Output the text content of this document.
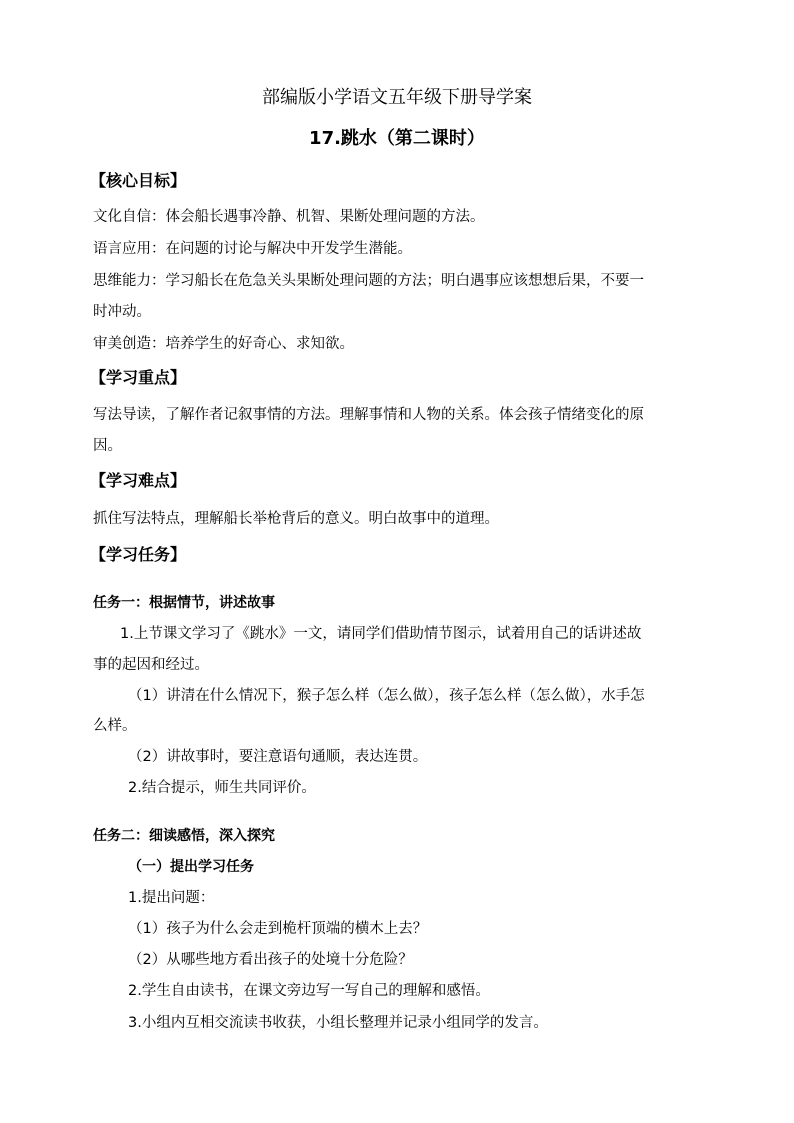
部编版小学语文五年级下册导学案
17.跳水（第二课时）
【核心目标】
文化自信：体会船长遇事冷静、机智、果断处理问题的方法。
语言应用：在问题的讨论与解决中开发学生潜能。
思维能力：学习船长在危急关头果断处理问题的方法；明白遇事应该想想后果，不要一
时冲动。
审美创造：培养学生的好奇心、求知欲。
【学习重点】
写法导读，了解作者记叙事情的方法。理解事情和人物的关系。体会孩子情绪变化的原
因。
【学习难点】
抓住写法特点，理解船长举枪背后的意义。明白故事中的道理。
【学习任务】
任务一：根据情节，讲述故事
1.上节课文学习了《跳水》一文，请同学们借助情节图示，试着用自己的话讲述故
事的起因和经过。
（1）讲清在什么情况下，猴子怎么样（怎么做），孩子怎么样（怎么做），水手怎
么样。
（2）讲故事时，要注意语句通顺，表达连贯。
2.结合提示，师生共同评价。
任务二：细读感悟，深入探究
（一）提出学习任务
1.提出问题：
（1）孩子为什么会走到桅杆顶端的横木上去？
（2）从哪些地方看出孩子的处境十分危险？
2.学生自由读书，在课文旁边写一写自己的理解和感悟。
3.小组内互相交流读书收获，小组长整理并记录小组同学的发言。
